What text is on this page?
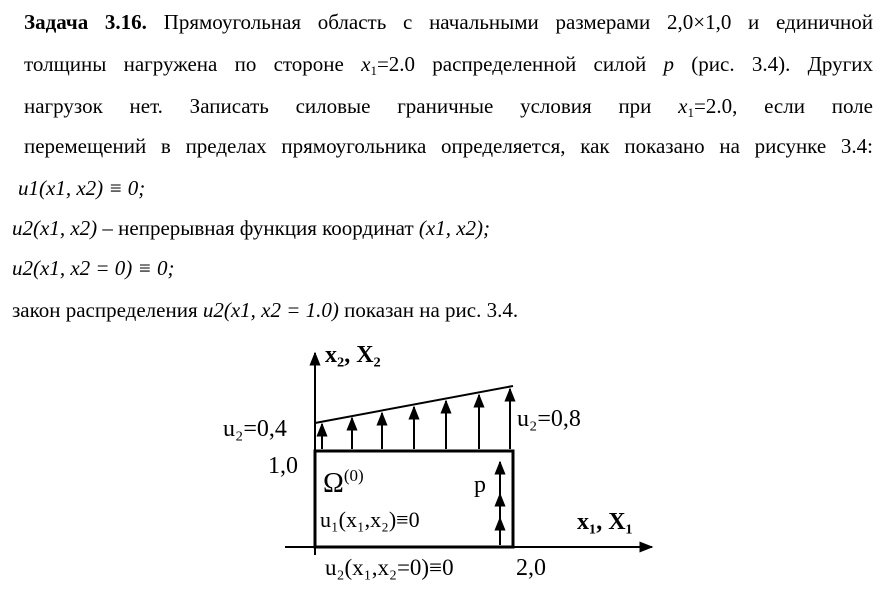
Задача 3.16. Прямоугольная область с начальными размерами 2,0×1,0 и единичной
толщины нагружена по стороне $x_1=2.0$ распределенной силой p (рис. 3.4). Других
нагрузок нет. Записать силовые граничные условия при $x_1=2.0$, если поле
перемещений в пределах прямоугольника определяется, как показано на рисунке 3.4:
u1(x1, x2) ≡ 0;
u2(x1, x2) – непрерывная функция координат (x1, x2);
u2(x1, x2 = 0) ≡ 0;
закон распределения u2(x1, x2 = 1.0) показан на рис. 3.4.
x₂, X₂
x₁, X₁
u₂=0,4	u₂=0,8
1,0
2,0
$\Omega^{(0)}$	p
u₁(x₁,x₂)≡0
u₂(x₁,x₂=0)≡0
